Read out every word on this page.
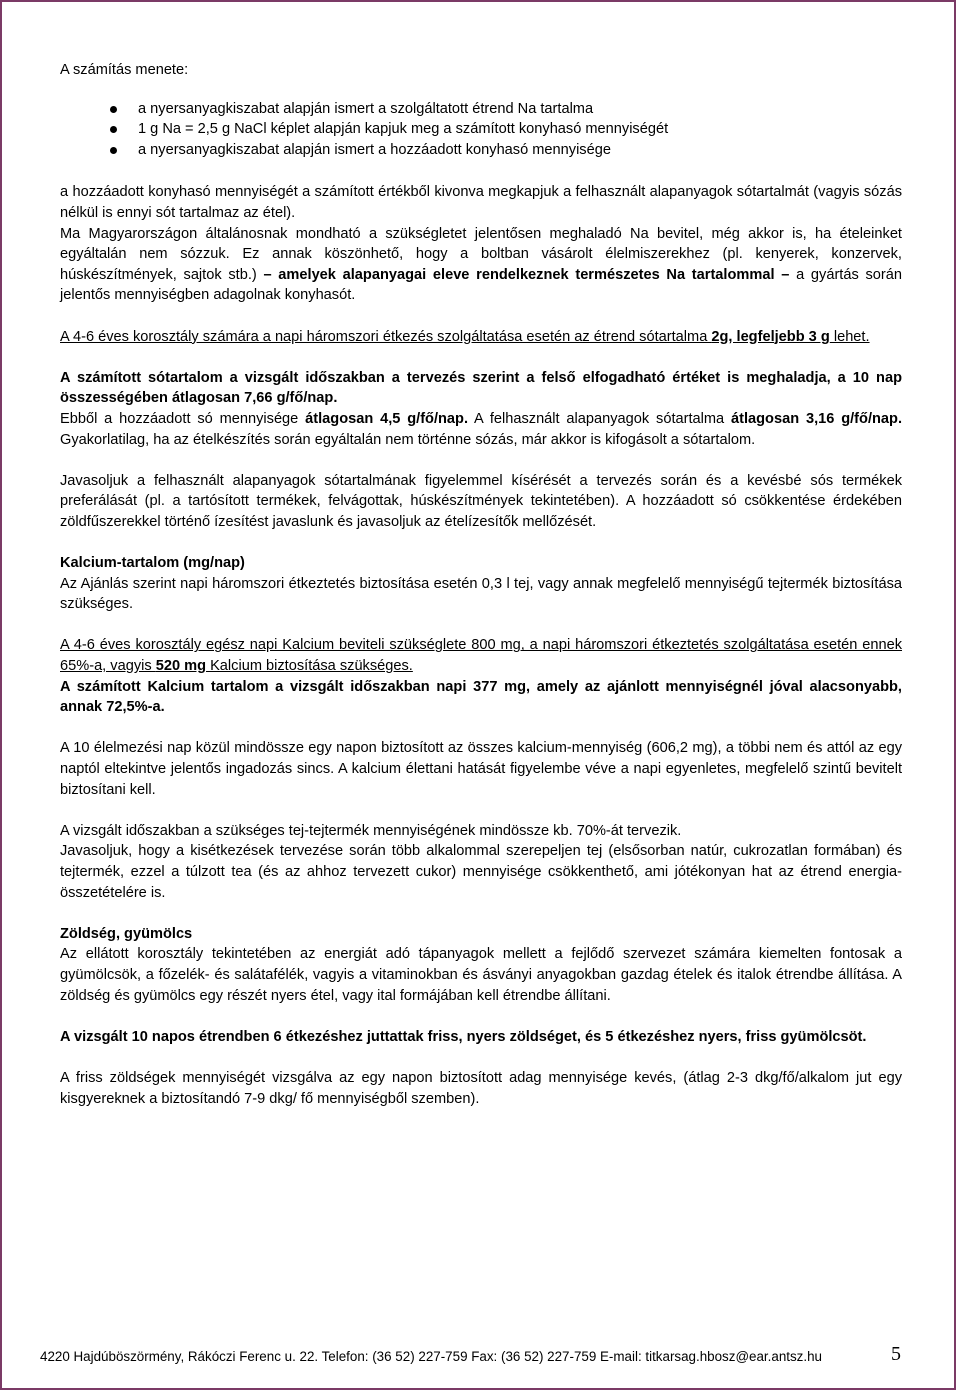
A számítás menete:

a nyersanyagkiszabat alapján ismert a szolgáltatott étrend Na tartalma
1 g Na = 2,5 g NaCl képlet alapján kapjuk meg a számított konyhasó mennyiségét
a nyersanyagkiszabat alapján ismert a hozzáadott konyhasó mennyisége

a hozzáadott konyhasó mennyiségét a számított értékből kivonva megkapjuk a felhasznált alapanyagok sótartalmát (vagyis sózás nélkül is ennyi sót tartalmaz az étel).
Ma Magyarországon általánosnak mondható a szükségletet jelentősen meghaladó Na bevitel, még akkor is, ha ételeinket egyáltalán nem sózzuk. Ez annak köszönhető, hogy a boltban vásárolt élelmiszerekhez (pl. kenyerek, konzervek, húskészítmények, sajtok stb.) – amelyek alapanyagai eleve rendelkeznek természetes Na tartalommal – a gyártás során jelentős mennyiségben adagolnak konyhasót.

A 4-6 éves korosztály számára a napi háromszori étkezés szolgáltatása esetén az étrend sótartalma 2g, legfeljebb 3 g lehet.

A számított sótartalom a vizsgált időszakban a tervezés szerint a felső elfogadható értéket is meghaladja, a 10 nap összességében átlagosan 7,66 g/fő/nap.
Ebből a hozzáadott só mennyisége átlagosan 4,5 g/fő/nap. A felhasznált alapanyagok sótartalma átlagosan 3,16 g/fő/nap. Gyakorlatilag, ha az ételkészítés során egyáltalán nem történne sózás, már akkor is kifogásolt a sótartalom.

Javasoljuk a felhasznált alapanyagok sótartalmának figyelemmel kísérését a tervezés során és a kevésbé sós termékek preferálását (pl. a tartósított termékek, felvágottak, húskészítmények tekintetében). A hozzáadott só csökkentése érdekében zöldfűszerekkel történő ízesítést javaslunk és javasoljuk az ételízesítők mellőzését.

Kalcium-tartalom (mg/nap)

Az Ajánlás szerint napi háromszori étkeztetés biztosítása esetén 0,3 l tej, vagy annak megfelelő mennyiségű tejtermék biztosítása szükséges.

A 4-6 éves korosztály egész napi Kalcium beviteli szükséglete 800 mg, a napi háromszori étkeztetés szolgáltatása esetén ennek 65%-a, vagyis 520 mg Kalcium biztosítása szükséges.
A számított Kalcium tartalom a vizsgált időszakban napi 377 mg, amely az ajánlott mennyiségnél jóval alacsonyabb, annak 72,5%-a.

A 10 élelmezési nap közül mindössze egy napon biztosított az összes kalcium-mennyiség (606,2 mg), a többi nem és attól az egy naptól eltekintve jelentős ingadozás sincs. A kalcium élettani hatását figyelembe véve a napi egyenletes, megfelelő szintű bevitelt biztosítani kell.

A vizsgált időszakban a szükséges tej-tejtermék mennyiségének mindössze kb. 70%-át tervezik.
Javasoljuk, hogy a kisétkezések tervezése során több alkalommal szerepeljen tej (elsősorban natúr, cukrozatlan formában) és tejtermék, ezzel a túlzott tea (és az ahhoz tervezett cukor) mennyisége csökkenthető, ami jótékonyan hat az étrend energia-összetételére is.

Zöldség, gyümölcs

Az ellátott korosztály tekintetében az energiát adó tápanyagok mellett a fejlődő szervezet számára kiemelten fontosak a gyümölcsök, a főzelék- és salátafélék, vagyis a vitaminokban és ásványi anyagokban gazdag ételek és italok étrendbe állítása. A zöldség és gyümölcs egy részét nyers étel, vagy ital formájában kell étrendbe állítani.

A vizsgált 10 napos étrendben 6 étkezéshez juttattak friss, nyers zöldséget, és 5 étkezéshez nyers, friss gyümölcsöt.

A friss zöldségek mennyiségét vizsgálva az egy napon biztosított adag mennyisége kevés, (átlag 2-3 dkg/fő/alkalom jut egy kisgyereknek a biztosítandó 7-9 dkg/ fő mennyiségből szemben).

4220 Hajdúböszörmény, Rákóczi Ferenc u. 22. Telefon: (36 52) 227-759 Fax: (36 52) 227-759 E-mail: titkarsag.hbosz@ear.antsz.hu	5
